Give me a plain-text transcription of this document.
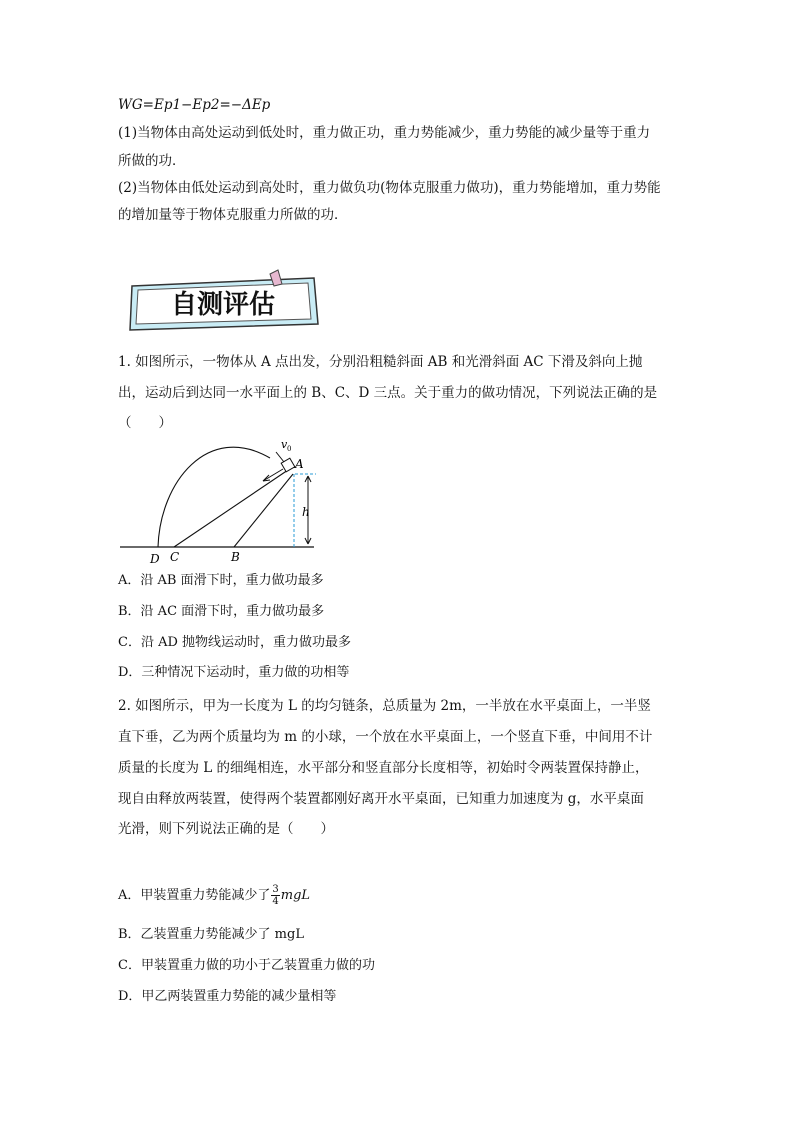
WG=Ep1−Ep2=−ΔEp
(1)当物体由高处运动到低处时，重力做正功，重力势能减少，重力势能的减少量等于重力
所做的功．
(2)当物体由低处运动到高处时，重力做负功(物体克服重力做功)，重力势能增加，重力势能
的增加量等于物体克服重力所做的功．
自测评估
1. 如图所示，一物体从 A 点出发，分别沿粗糙斜面 AB 和光滑斜面 AC 下滑及斜向上抛
出，运动后到达同一水平面上的 B、C、D 三点。关于重力的做功情况，下列说法正确的是
（　　）
v 0
A
h
D C	B
A．沿 AB 面滑下时，重力做功最多
B．沿 AC 面滑下时，重力做功最多
C．沿 AD 抛物线运动时，重力做功最多
D．三种情况下运动时，重力做的功相等
2. 如图所示，甲为一长度为 L 的均匀链条，总质量为 2m，一半放在水平桌面上，一半竖
直下垂，乙为两个质量均为 m 的小球，一个放在水平桌面上，一个竖直下垂，中间用不计
质量的长度为 L 的细绳相连，水平部分和竖直部分长度相等，初始时令两装置保持静止，
现自由释放两装置，使得两个装置都刚好离开水平桌面，已知重力加速度为 g，水平桌面
光滑，则下列说法正确的是（　　）
A．甲装置重力势能减少了 $\frac{3}{4}$ mgL
B．乙装置重力势能减少了 mgL
C．甲装置重力做的功小于乙装置重力做的功
D．甲乙两装置重力势能的减少量相等
